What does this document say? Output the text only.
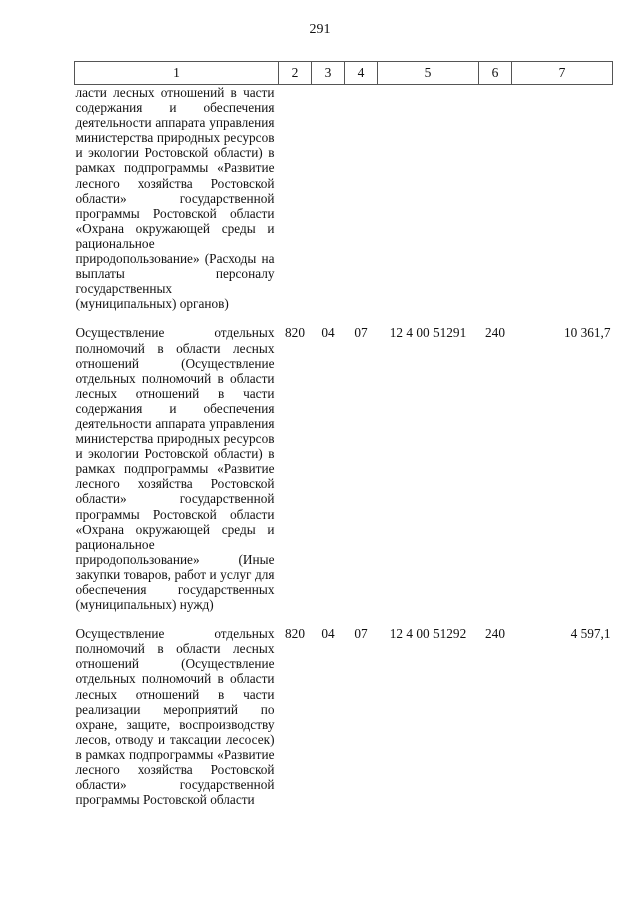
291
1	2	3	4	5	6	7
ласти лесных отношений в части содержания и обеспечения деятельности аппарата управления министерства природных ресурсов и экологии Ростовской области) в рамках подпрограммы «Развитие лесного хозяйства Ростовской области» государственной программы Ростовской области «Охрана окружающей среды и рациональное природопользование» (Расходы на выплаты персоналу государственных (муниципальных) органов)						
Осуществление отдельных полномочий в области лесных отношений (Осуществление отдельных полномочий в области лесных отношений в части содержания и обеспечения деятельности аппарата управления министерства природных ресурсов и экологии Ростовской области) в рамках подпрограммы «Развитие лесного хозяйства Ростовской области» государственной программы Ростовской области «Охрана окружающей среды и рациональное природопользование» (Иные закупки товаров, работ и услуг для обеспечения государственных (муниципальных) нужд)	820	04	07	12 4 00 51291	240	10 361,7
Осуществление отдельных полномочий в области лесных отношений (Осуществление отдельных полномочий в области лесных отношений в части реализации мероприятий по охране, защите, воспроизводству лесов, отводу и таксации лесосек) в рамках подпрограммы «Развитие лесного хозяйства Ростовской области» государственной программы Ростовской области	820	04	07	12 4 00 51292	240	4 597,1
